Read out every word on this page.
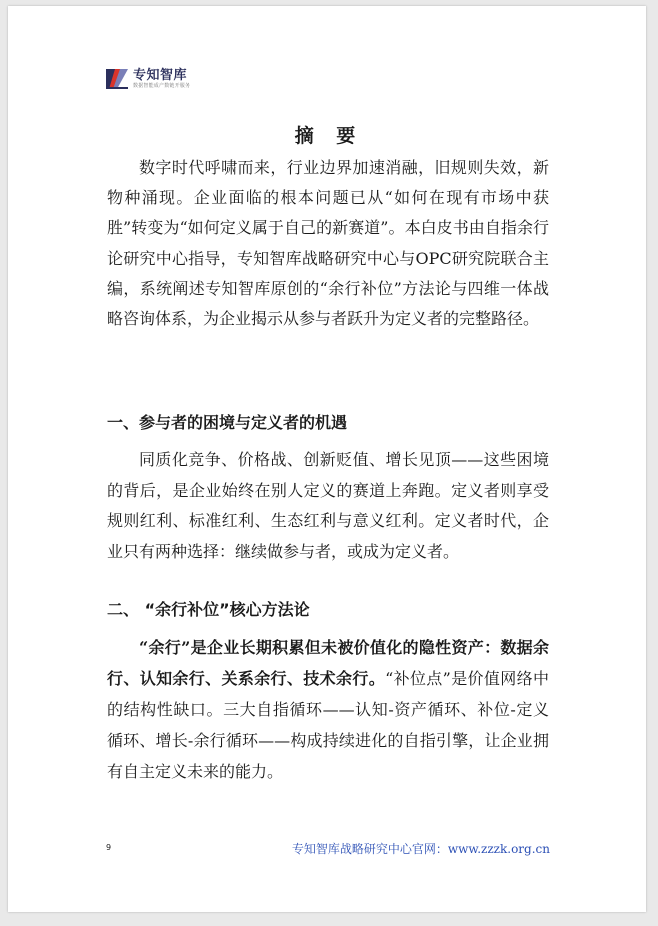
专知智库
数据智能成产数链开服务
摘 要

数字时代呼啸而来，行业边界加速消融，旧规则失效，新物种涌现。企业面临的根本问题已从“如何在现有市场中获胜”转变为“如何定义属于自己的新赛道”。本白皮书由自指余行论研究中心指导，专知智库战略研究中心与OPC研究院联合主编，系统阐述专知智库原创的“余行补位”方法论与四维一体战略咨询体系，为企业揭示从参与者跃升为定义者的完整路径。

一、参与者的困境与定义者的机遇

同质化竞争、价格战、创新贬值、增长见顶——这些困境的背后，是企业始终在别人定义的赛道上奔跑。定义者则享受规则红利、标准红利、生态红利与意义红利。定义者时代，企业只有两种选择：继续做参与者，或成为定义者。

二、 “余行补位”核心方法论

“余行”是企业长期积累但未被价值化的隐性资产：数据余行、认知余行、关系余行、技术余行。“补位点”是价值网络中的结构性缺口。三大自指循环——认知-资产循环、补位-定义循环、增长-余行循环——构成持续进化的自指引擎，让企业拥有自主定义未来的能力。

9	专知智库战略研究中心官网：www.zzzk.org.cn
